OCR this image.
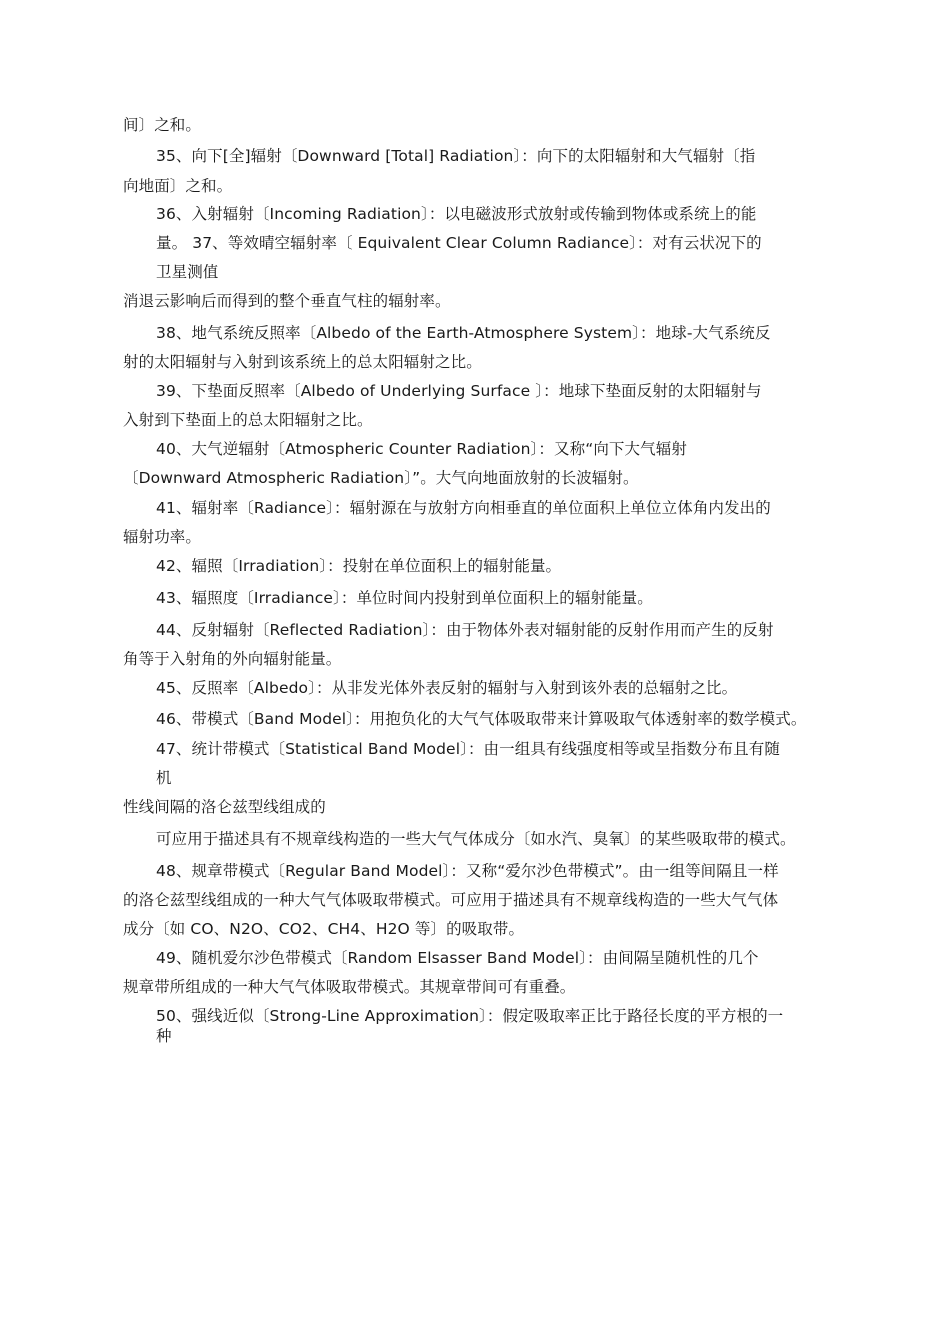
间〕之和。
35、向下[全]辐射〔Downward [Total] Radiation〕：向下的太阳辐射和大气辐射〔指
向地面〕之和。
36、入射辐射〔Incoming Radiation〕：以电磁波形式放射或传输到物体或系统上的能
量。 37、等效晴空辐射率〔 Equivalent Clear Column Radiance〕：对有云状况下的
卫星测值
消退云影响后而得到的整个垂直气柱的辐射率。
38、地气系统反照率〔Albedo of the Earth-Atmosphere System〕：地球-大气系统反
射的太阳辐射与入射到该系统上的总太阳辐射之比。
39、下垫面反照率〔Albedo of Underlying Surface 〕：地球下垫面反射的太阳辐射与
入射到下垫面上的总太阳辐射之比。
40、大气逆辐射〔Atmospheric Counter Radiation〕：又称“向下大气辐射
〔Downward Atmospheric Radiation〕”。大气向地面放射的长波辐射。
41、辐射率〔Radiance〕：辐射源在与放射方向相垂直的单位面积上单位立体角内发出的
辐射功率。
42、辐照〔Irradiation〕：投射在单位面积上的辐射能量。
43、辐照度〔Irradiance〕：单位时间内投射到单位面积上的辐射能量。
44、反射辐射〔Reflected Radiation〕：由于物体外表对辐射能的反射作用而产生的反射
角等于入射角的外向辐射能量。
45、反照率〔Albedo〕：从非发光体外表反射的辐射与入射到该外表的总辐射之比。
46、带模式〔Band Model〕：用抱负化的大气气体吸取带来计算吸取气体透射率的数学模式。
47、统计带模式〔Statistical Band Model〕：由一组具有线强度相等或呈指数分布且有随
机
性线间隔的洛仑兹型线组成的
可应用于描述具有不规章线构造的一些大气气体成分〔如水汽、臭氧〕的某些吸取带的模式。
48、规章带模式〔Regular Band Model〕：又称“爱尔沙色带模式”。由一组等间隔且一样
的洛仑兹型线组成的一种大气气体吸取带模式。可应用于描述具有不规章线构造的一些大气气体
成分〔如 CO、N2O、CO2、CH4、H2O 等〕的吸取带。
49、随机爱尔沙色带模式〔Random Elsasser Band Model〕：由间隔呈随机性的几个
规章带所组成的一种大气气体吸取带模式。其规章带间可有重叠。
50、强线近似〔Strong-Line Approximation〕：假定吸取率正比于路径长度的平方根的一
种
